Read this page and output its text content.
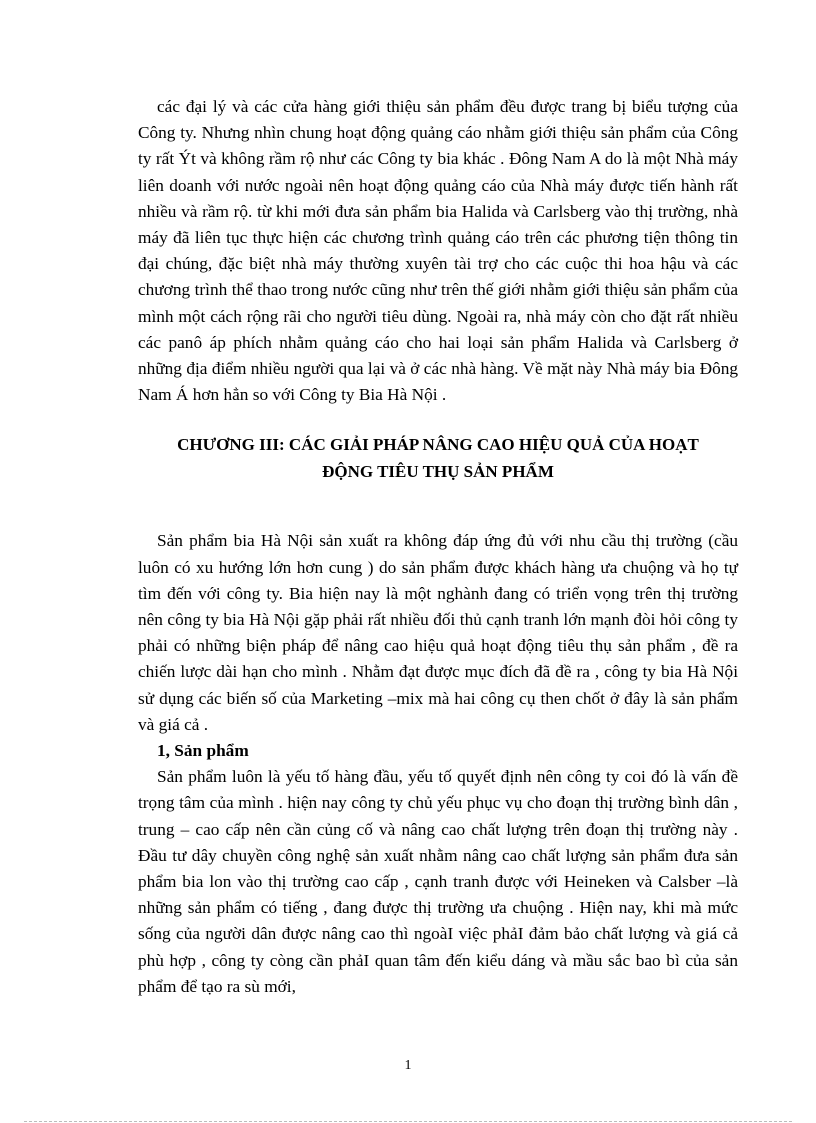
các đại lý và các cửa hàng giới thiệu sản phẩm đều được trang bị biểu tượng của Công ty. Nhưng nhìn chung hoạt động quảng cáo nhằm giới thiệu sản phẩm của Công ty rất Ýt và không rầm rộ như các Công ty bia khác . Đông Nam A do là một Nhà máy liên doanh với nước ngoài nên hoạt động quảng cáo của Nhà máy được tiến hành rất nhiều và rầm rộ. từ khi mới đưa sản phẩm bia Halida và Carlsberg vào thị trường, nhà máy đã liên tục thực hiện các chương trình quảng cáo trên các phương tiện thông tin đại chúng, đặc biệt nhà máy thường xuyên tài trợ cho các cuộc thi hoa hậu và các chương trình thể thao trong nước cũng như trên thế giới nhằm giới thiệu sản phẩm của mình một cách rộng rãi cho người tiêu dùng. Ngoài ra, nhà máy còn cho đặt rất nhiều các panô áp phích nhằm quảng cáo cho hai loại sản phẩm Halida và Carlsberg ở những địa điểm nhiều người qua lại và ở các nhà hàng. Về mặt này Nhà máy bia Đông Nam Á hơn hẳn so với Công ty Bia Hà Nội .

CHƯƠNG III: CÁC GIẢI PHÁP NÂNG CAO HIỆU QUẢ CỦA HOẠT
ĐỘNG TIÊU THỤ SẢN PHẨM

Sản phẩm bia Hà Nội sản xuất ra không đáp ứng đủ với nhu cầu thị trường (cầu luôn có xu hướng lớn hơn cung ) do sản phẩm được khách hàng ưa chuộng và họ tự tìm đến với công ty. Bia hiện nay là một nghành đang có triển vọng trên thị trường nên công ty bia Hà Nội gặp phải rất nhiều đối thủ cạnh tranh lớn mạnh đòi hỏi công ty phải có những biện pháp để nâng cao hiệu quả hoạt động tiêu thụ sản phẩm , đề ra chiến lược dài hạn cho mình . Nhằm đạt được mục đích đã đề ra , công ty bia Hà Nội sử dụng các biến số của Marketing –mix mà hai công cụ then chốt ở đây là sản phẩm và giá cả .

1, Sản phẩm

Sản phẩm luôn là yếu tố hàng đầu, yếu tố quyết định nên công ty coi đó là vấn đề trọng tâm của mình . hiện nay công ty chủ yếu phục vụ cho đoạn thị trường bình dân , trung – cao cấp nên cần củng cố và nâng cao chất lượng trên đoạn thị trường này . Đầu tư dây chuyền công nghệ sản xuất nhằm nâng cao chất lượng sản phẩm đưa sản phẩm bia lon vào thị trường cao cấp , cạnh tranh được với Heineken và Calsber –là những sản phẩm có tiếng , đang được thị trường ưa chuộng . Hiện nay, khi mà mức sống của người dân được nâng cao thì ngoàI việc phảI đảm bảo chất lượng và giá cả phù hợp , công ty còng cần phảI quan tâm đến kiểu dáng và mầu sắc bao bì của sản phẩm để tạo ra sù mới,

1
